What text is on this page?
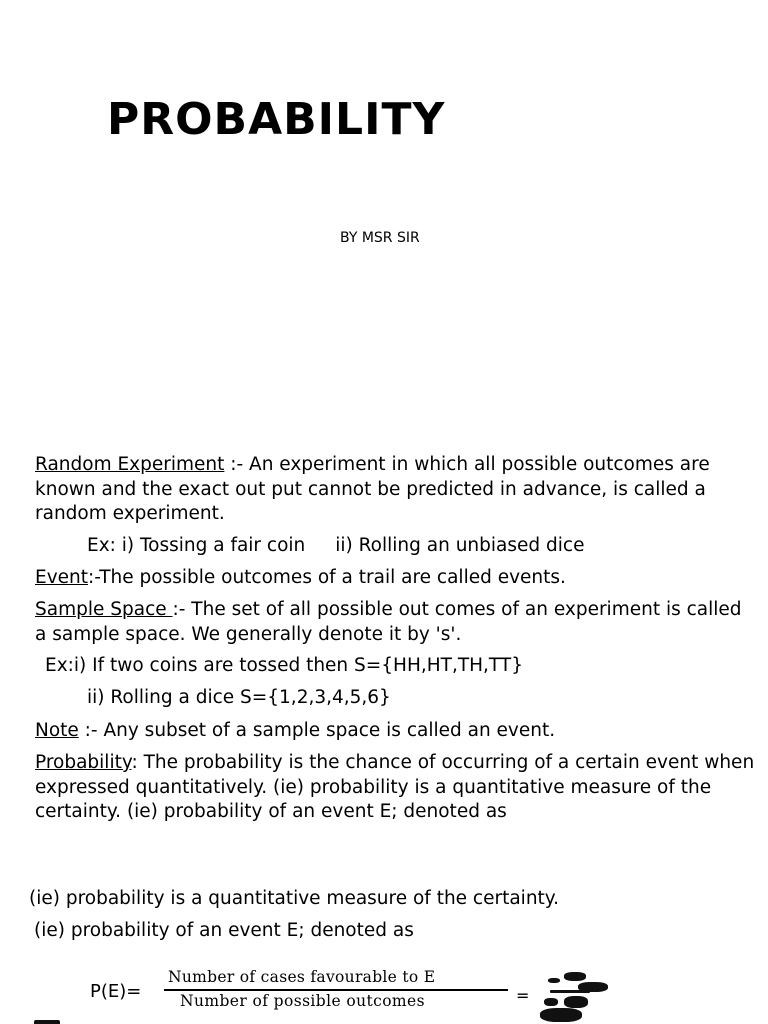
PROBABILITY
BY MSR SIR
Random Experiment :- An experiment in which all possible outcomes are known and the exact out put cannot be predicted in advance, is called a random experiment.
Ex: i) Tossing a fair coin ii) Rolling an unbiased dice
Event:-The possible outcomes of a trail are called events.
Sample Space :- The set of all possible out comes of an experiment is called a sample space. We generally denote it by 's'.
Ex:i) If two coins are tossed then S={HH,HT,TH,TT}
ii) Rolling a dice S={1,2,3,4,5,6}
Note :- Any subset of a sample space is called an event.
Probability: The probability is the chance of occurring of a certain event when expressed quantitatively. (ie) probability is a quantitative measure of the certainty. (ie) probability of an event E; denoted as
(ie) probability is a quantitative measure of the certainty.
(ie) probability of an event E; denoted as
P(E)=
Number of cases favourable to E
Number of possible outcomes	=
